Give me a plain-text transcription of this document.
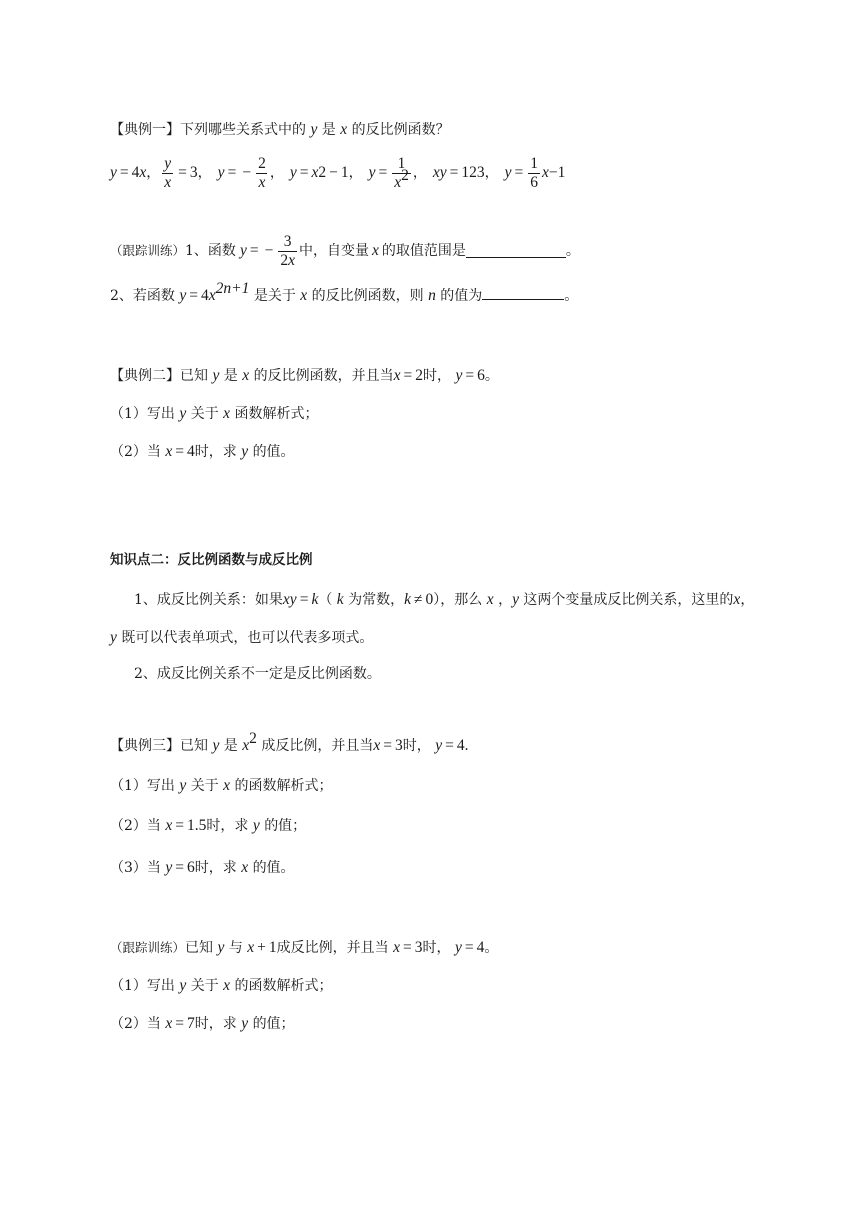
【典例一】下列哪些关系式中的 y 是 x 的反比例函数？
y = 4 x ， $\frac{y}{x} = 3$ ， y = − $\frac{2}{x}$ ， y = x 2 − 1 ， $y = \frac{1}{x^2}$ ， xy = 123 ， $y = \frac{1}{6}$ x −1
（跟踪训练） 1、函数 y = − $\frac{3}{2x}$ 中，自变量 x 的取值范围是	。
2、若函数 $y = 4x^{2n+1}$ 是关于 x 的反比例函数，则 n 的值为	。
【典例二】已知 y 是 x 的反比例函数，并且当x = 2时， y = 6。
（1）写出 y 关于 x 函数解析式；
（2）当 x = 4时，求 y 的值。
知识点二：反比例函数与成反比例
1、成反比例关系：如果xy = k（ k 为常数，k ≠ 0），那么 x ，y 这两个变量成反比例关系，这里的x，
y 既可以代表单项式，也可以代表多项式。
2、成反比例关系不一定是反比例函数。
【典例三】已知 y 是 $x^2$ 成反比例，并且当x = 3时， y = 4.
（1）写出 y 关于 x 的函数解析式；
（2）当 x = 1.5时，求 y 的值；
（3）当 y = 6时，求 x 的值。
（跟踪训练）已知 y 与 x + 1成反比例，并且当 x = 3时， y = 4。
（1）写出 y 关于 x 的函数解析式；
（2）当 x = 7时，求 y 的值；
